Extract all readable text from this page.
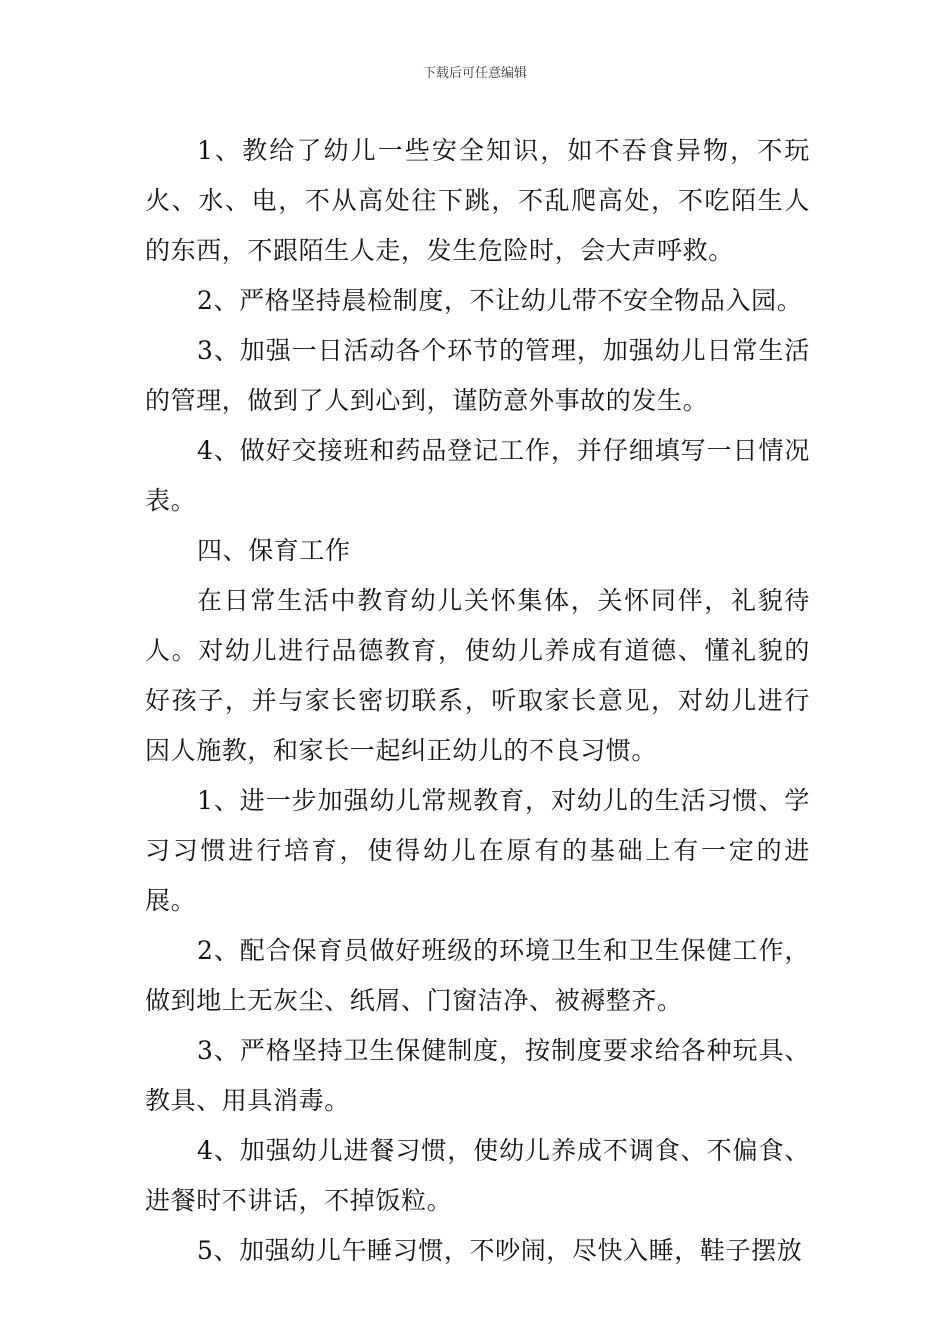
下载后可任意编辑

1、教给了幼儿一些安全知识，如不吞食异物，不玩火、水、电，不从高处往下跳，不乱爬高处，不吃陌生人的东西，不跟陌生人走，发生危险时，会大声呼救。

2、严格坚持晨检制度，不让幼儿带不安全物品入园。

3、加强一日活动各个环节的管理，加强幼儿日常生活的管理，做到了人到心到，谨防意外事故的发生。

4、做好交接班和药品登记工作，并仔细填写一日情况表。

四、保育工作

在日常生活中教育幼儿关怀集体，关怀同伴，礼貌待人。对幼儿进行品德教育，使幼儿养成有道德、懂礼貌的好孩子，并与家长密切联系，听取家长意见，对幼儿进行因人施教，和家长一起纠正幼儿的不良习惯。

1、进一步加强幼儿常规教育，对幼儿的生活习惯、学习习惯进行培育，使得幼儿在原有的基础上有一定的进展。

2、配合保育员做好班级的环境卫生和卫生保健工作，做到地上无灰尘、纸屑、门窗洁净、被褥整齐。

3、严格坚持卫生保健制度，按制度要求给各种玩具、教具、用具消毒。

4、加强幼儿进餐习惯，使幼儿养成不调食、不偏食、进餐时不讲话，不掉饭粒。

5、加强幼儿午睡习惯，不吵闹，尽快入睡，鞋子摆放
